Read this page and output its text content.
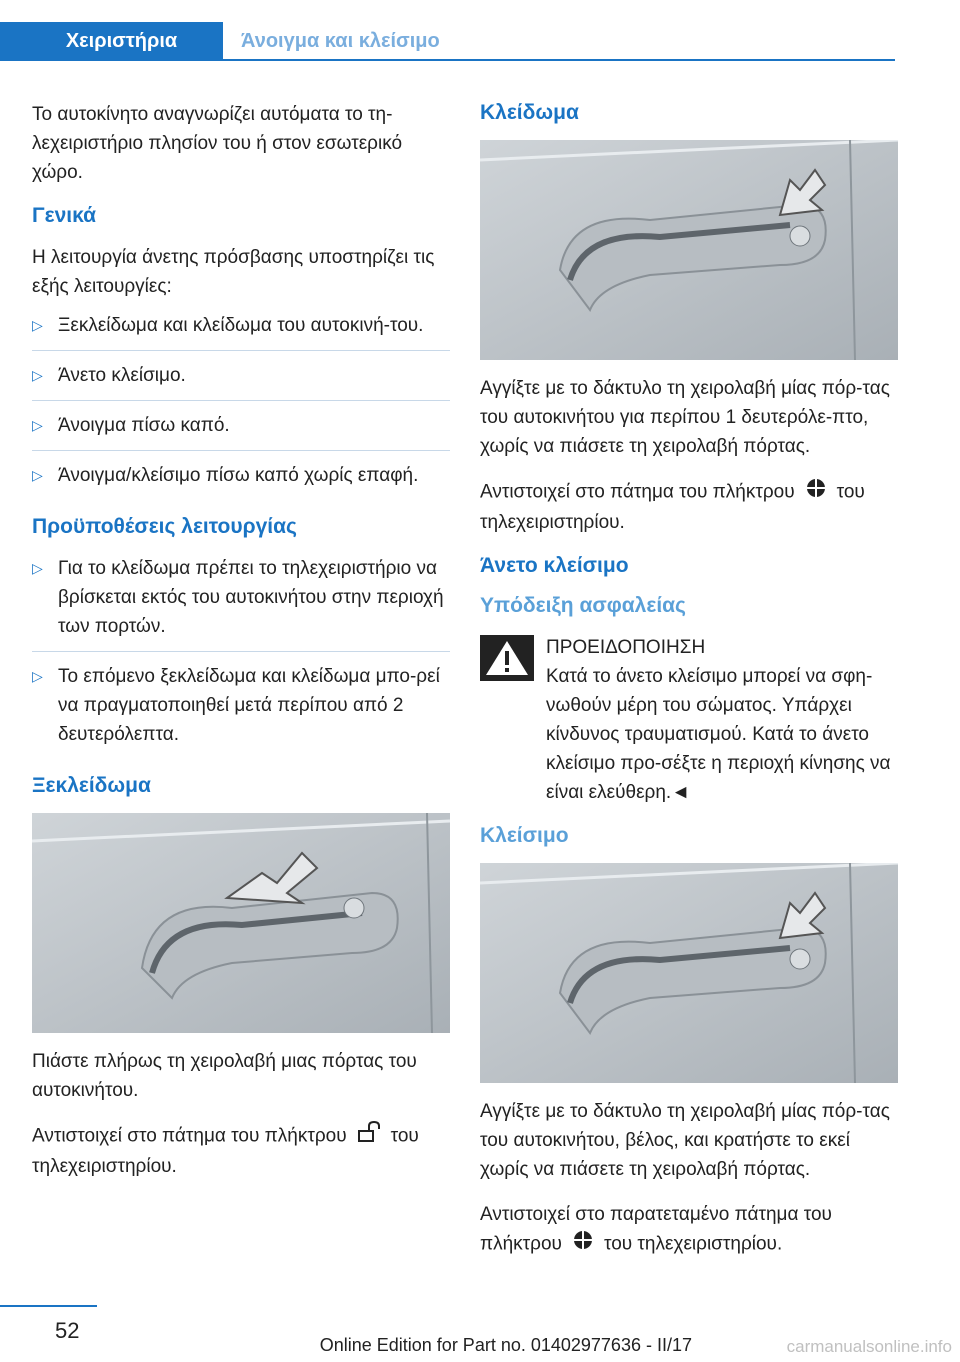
Χειριστήρια	Άνοιγμα και κλείσιμο

Το αυτοκίνητο αναγνωρίζει αυτόματα το τη-λεχειριστήριο πλησίον του ή στον εσωτερικό χώρο.

Γενικά

Η λειτουργία άνετης πρόσβασης υποστηρίζει τις εξής λειτουργίες:

▷ Ξεκλείδωμα και κλείδωμα του αυτοκινή-του.
▷ Άνετο κλείσιμο.
▷ Άνοιγμα πίσω καπό.
▷ Άνοιγμα/κλείσιμο πίσω καπό χωρίς επαφή.
Προϋποθέσεις λειτουργίας
▷ Για το κλείδωμα πρέπει το τηλεχειριστήριο να βρίσκεται εκτός του αυτοκινήτου στην περιοχή των πορτών.
▷ Το επόμενο ξεκλείδωμα και κλείδωμα μπο-ρεί να πραγματοποιηθεί μετά περίπου από 2 δευτερόλεπτα.
Ξεκλείδωμα

Πιάστε πλήρως τη χειρολαβή μιας πόρτας του αυτοκινήτου.

Αντιστοιχεί στο πάτημα του πλήκτρου του τηλεχειριστηρίου.

Κλείδωμα

Αγγίξτε με το δάκτυλο τη χειρολαβή μίας πόρ-τας του αυτοκινήτου για περίπου 1 δευτερόλε-πτο, χωρίς να πιάσετε τη χειρολαβή πόρτας.

Αντιστοιχεί στο πάτημα του πλήκτρου του τηλεχειριστηρίου.

Άνετο κλείσιμο
Υπόδειξη ασφαλείας
ΠΡΟΕΙΔΟΠΟΙΗΣΗ
Κατά το άνετο κλείσιμο μπορεί να σφη-νωθούν μέρη του σώματος. Υπάρχει κίνδυνος τραυματισμού. Κατά το άνετο κλείσιμο προ-σέξτε η περιοχή κίνησης να είναι ελεύθερη.◄
Κλείσιμο

Αγγίξτε με το δάκτυλο τη χειρολαβή μίας πόρ-τας του αυτοκινήτου, βέλος, και κρατήστε το εκεί χωρίς να πιάσετε τη χειρολαβή πόρτας.

Αντιστοιχεί στο παρατεταμένο πάτημα του πλήκτρου του τηλεχειριστηρίου.

52
Online Edition for Part no. 01402977636 - II/17	carmanualsonline.info
